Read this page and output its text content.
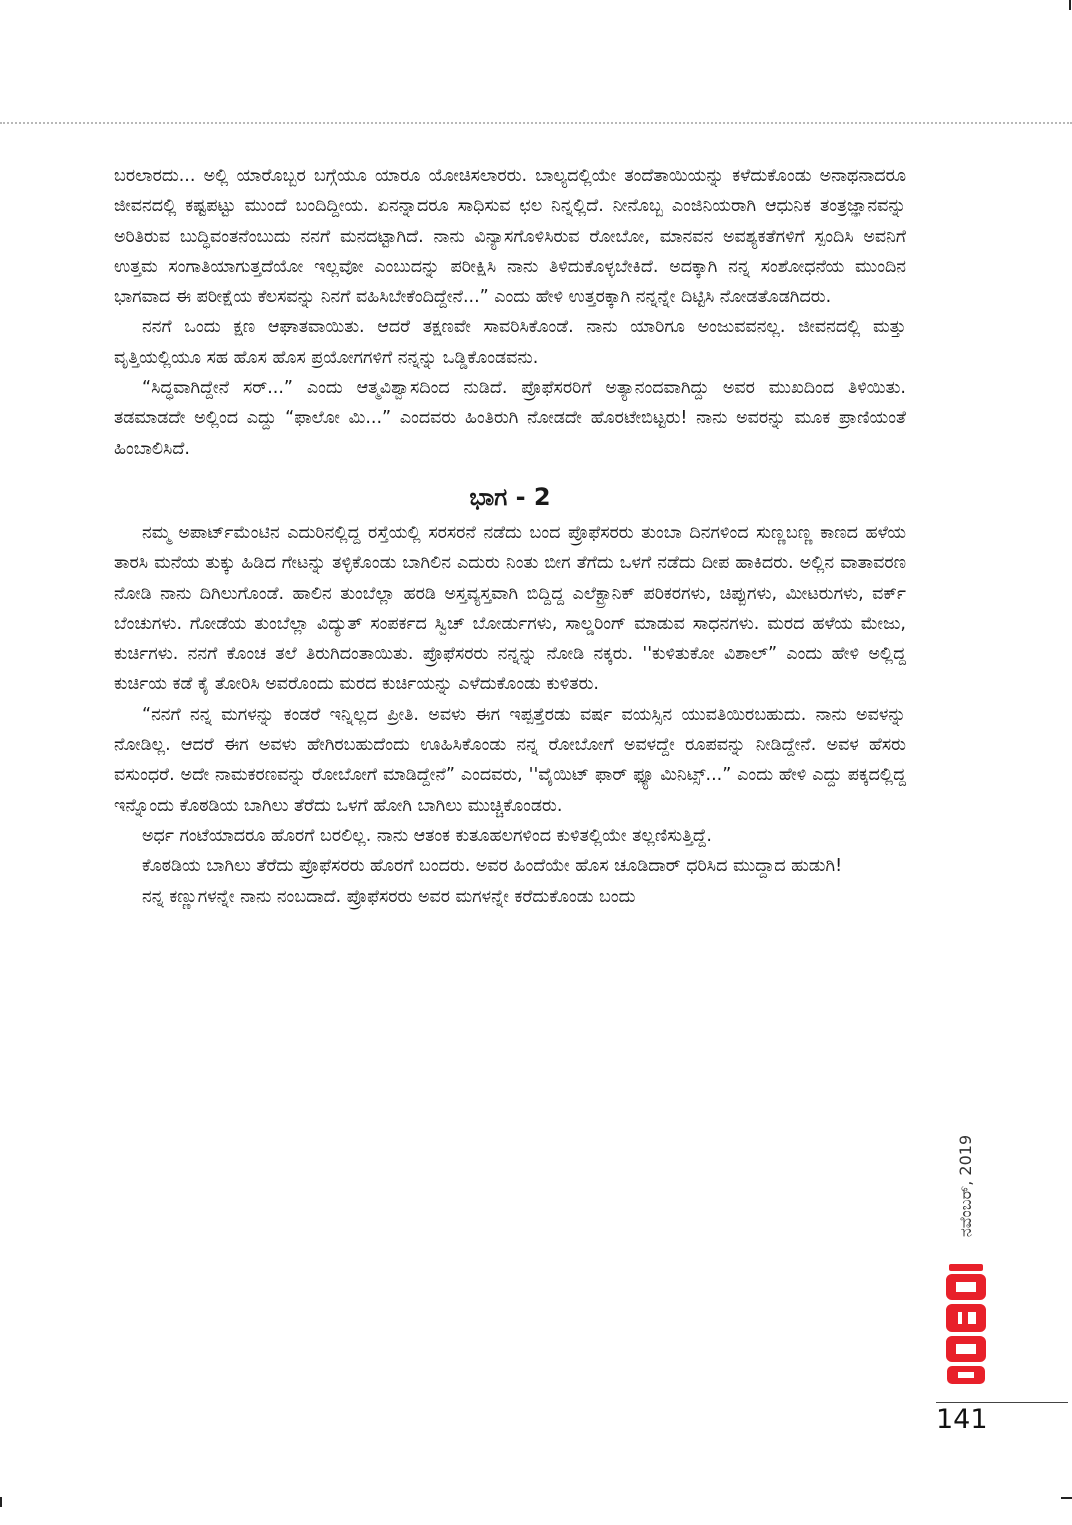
ಬರಲಾರದು... ಅಲ್ಲಿ ಯಾರೊಬ್ಬರ ಬಗ್ಗೆಯೂ ಯಾರೂ ಯೋಚಿಸಲಾರರು. ಬಾಲ್ಯದಲ್ಲಿಯೇ ತಂದೆತಾಯಿಯನ್ನು ಕಳೆದುಕೊಂಡು ಅನಾಥನಾದರೂ ಜೀವನದಲ್ಲಿ ಕಷ್ಟಪಟ್ಟು ಮುಂದೆ ಬಂದಿದ್ದೀಯ. ಏನನ್ನಾದರೂ ಸಾಧಿಸುವ ಛಲ ನಿನ್ನಲ್ಲಿದೆ. ನೀನೊಬ್ಬ ಎಂಜಿನಿಯರಾಗಿ ಆಧುನಿಕ ತಂತ್ರಜ್ಞಾನವನ್ನು ಅರಿತಿರುವ ಬುದ್ಧಿವಂತನೆಂಬುದು ನನಗೆ ಮನದಟ್ಟಾಗಿದೆ. ನಾನು ವಿನ್ಯಾಸಗೊಳಿಸಿರುವ ರೋಬೋ, ಮಾನವನ ಅವಶ್ಯಕತೆಗಳಿಗೆ ಸ್ಪಂದಿಸಿ ಅವನಿಗೆ ಉತ್ತಮ ಸಂಗಾತಿಯಾಗುತ್ತದೆಯೋ ಇಲ್ಲವೋ ಎಂಬುದನ್ನು ಪರೀಕ್ಷಿಸಿ ನಾನು ತಿಳಿದುಕೊಳ್ಳಬೇಕಿದೆ. ಅದಕ್ಕಾಗಿ ನನ್ನ ಸಂಶೋಧನೆಯ ಮುಂದಿನ ಭಾಗವಾದ ಈ ಪರೀಕ್ಷೆಯ ಕೆಲಸವನ್ನು ನಿನಗೆ ವಹಿಸಿಬೇಕೆಂದಿದ್ದೇನೆ...” ಎಂದು ಹೇಳಿ ಉತ್ತರಕ್ಕಾಗಿ ನನ್ನನ್ನೇ ದಿಟ್ಟಿಸಿ ನೋಡತೊಡಗಿದರು.

ನನಗೆ ಒಂದು ಕ್ಷಣ ಆಘಾತವಾಯಿತು. ಆದರೆ ತಕ್ಷಣವೇ ಸಾವರಿಸಿಕೊಂಡೆ. ನಾನು ಯಾರಿಗೂ ಅಂಜುವವನಲ್ಲ. ಜೀವನದಲ್ಲಿ ಮತ್ತು ವೃತ್ತಿಯಲ್ಲಿಯೂ ಸಹ ಹೊಸ ಹೊಸ ಪ್ರಯೋಗಗಳಿಗೆ ನನ್ನನ್ನು ಒಡ್ಡಿಕೊಂಡವನು.

“ಸಿದ್ಧವಾಗಿದ್ದೇನೆ ಸರ್...” ಎಂದು ಆತ್ಮವಿಶ್ವಾಸದಿಂದ ನುಡಿದೆ. ಪ್ರೊಫೆಸರರಿಗೆ ಅತ್ಯಾನಂದವಾಗಿದ್ದು ಅವರ ಮುಖದಿಂದ ತಿಳಿಯಿತು. ತಡಮಾಡದೇ ಅಲ್ಲಿಂದ ಎದ್ದು “ಫಾಲೋ ಮಿ...” ಎಂದವರು ಹಿಂತಿರುಗಿ ನೋಡದೇ ಹೊರಟೇಬಿಟ್ಟರು! ನಾನು ಅವರನ್ನು ಮೂಕ ಪ್ರಾಣಿಯಂತೆ ಹಿಂಬಾಲಿಸಿದೆ.

ಭಾಗ - 2

ನಮ್ಮ ಅಪಾರ್ಟ್‌ಮೆಂಟಿನ ಎದುರಿನಲ್ಲಿದ್ದ ರಸ್ತೆಯಲ್ಲಿ ಸರಸರನೆ ನಡೆದು ಬಂದ ಪ್ರೊಫೆಸರರು ತುಂಬಾ ದಿನಗಳಿಂದ ಸುಣ್ಣಬಣ್ಣ ಕಾಣದ ಹಳೆಯ ತಾರಸಿ ಮನೆಯ ತುಕ್ಕು ಹಿಡಿದ ಗೇಟನ್ನು ತಳ್ಳಿಕೊಂಡು ಬಾಗಿಲಿನ ಎದುರು ನಿಂತು ಬೀಗ ತೆಗೆದು ಒಳಗೆ ನಡೆದು ದೀಪ ಹಾಕಿದರು. ಅಲ್ಲಿನ ವಾತಾವರಣ ನೋಡಿ ನಾನು ದಿಗಿಲುಗೊಂಡೆ. ಹಾಲಿನ ತುಂಬೆಲ್ಲಾ ಹರಡಿ ಅಸ್ತವ್ಯಸ್ತವಾಗಿ ಬಿದ್ದಿದ್ದ ಎಲೆಕ್ಟ್ರಾನಿಕ್ ಪರಿಕರಗಳು, ಚಿಪ್ಪುಗಳು, ಮೀಟರುಗಳು, ವರ್ಕ್ ಬೆಂಚುಗಳು. ಗೋಡೆಯ ತುಂಬೆಲ್ಲಾ ವಿದ್ಯುತ್ ಸಂಪರ್ಕದ ಸ್ವಿಚ್ ಬೋರ್ಡುಗಳು, ಸಾಲ್ಡರಿಂಗ್ ಮಾಡುವ ಸಾಧನಗಳು. ಮರದ ಹಳೆಯ ಮೇಜು, ಕುರ್ಚಿಗಳು. ನನಗೆ ಕೊಂಚ ತಲೆ ತಿರುಗಿದಂತಾಯಿತು. ಪ್ರೊಫೆಸರರು ನನ್ನನ್ನು ನೋಡಿ ನಕ್ಕರು. ''ಕುಳಿತುಕೋ ವಿಶಾಲ್” ಎಂದು ಹೇಳಿ ಅಲ್ಲಿದ್ದ ಕುರ್ಚಿಯ ಕಡೆ ಕೈ ತೋರಿಸಿ ಅವರೊಂದು ಮರದ ಕುರ್ಚಿಯನ್ನು ಎಳೆದುಕೊಂಡು ಕುಳಿತರು.

“ನನಗೆ ನನ್ನ ಮಗಳನ್ನು ಕಂಡರೆ ಇನ್ನಿಲ್ಲದ ಪ್ರೀತಿ. ಅವಳು ಈಗ ಇಪ್ಪತ್ತೆರಡು ವರ್ಷ ವಯಸ್ಸಿನ ಯುವತಿಯಿರಬಹುದು. ನಾನು ಅವಳನ್ನು ನೋಡಿಲ್ಲ. ಆದರೆ ಈಗ ಅವಳು ಹೇಗಿರಬಹುದೆಂದು ಊಹಿಸಿಕೊಂಡು ನನ್ನ ರೋಬೋಗೆ ಅವಳದ್ದೇ ರೂಪವನ್ನು ನೀಡಿದ್ದೇನೆ. ಅವಳ ಹೆಸರು ವಸುಂಧರೆ. ಅದೇ ನಾಮಕರಣವನ್ನು ರೋಬೋಗೆ ಮಾಡಿದ್ದೇನೆ” ಎಂದವರು, ''ವೈಯಿಟ್ ಫಾರ್ ಫ್ಯೂ ಮಿನಿಟ್ಸ್...” ಎಂದು ಹೇಳಿ ಎದ್ದು ಪಕ್ಕದಲ್ಲಿದ್ದ ಇನ್ನೊಂದು ಕೊಠಡಿಯ ಬಾಗಿಲು ತೆರೆದು ಒಳಗೆ ಹೋಗಿ ಬಾಗಿಲು ಮುಚ್ಚಿಕೊಂಡರು.

ಅರ್ಧ ಗಂಟೆಯಾದರೂ ಹೊರಗೆ ಬರಲಿಲ್ಲ. ನಾನು ಆತಂಕ ಕುತೂಹಲಗಳಿಂದ ಕುಳಿತಲ್ಲಿಯೇ ತಲ್ಲಣಿಸುತ್ತಿದ್ದೆ.

ಕೊಠಡಿಯ ಬಾಗಿಲು ತೆರೆದು ಪ್ರೊಫೆಸರರು ಹೊರಗೆ ಬಂದರು. ಅವರ ಹಿಂದೆಯೇ ಹೊಸ ಚೂಡಿದಾರ್ ಧರಿಸಿದ ಮುದ್ದಾದ ಹುಡುಗಿ!

ನನ್ನ ಕಣ್ಣುಗಳನ್ನೇ ನಾನು ನಂಬದಾದೆ. ಪ್ರೊಫೆಸರರು ಅವರ ಮಗಳನ್ನೇ ಕರೆದುಕೊಂಡು ಬಂದು

ನವೆಂಬರ್, 2019
141
